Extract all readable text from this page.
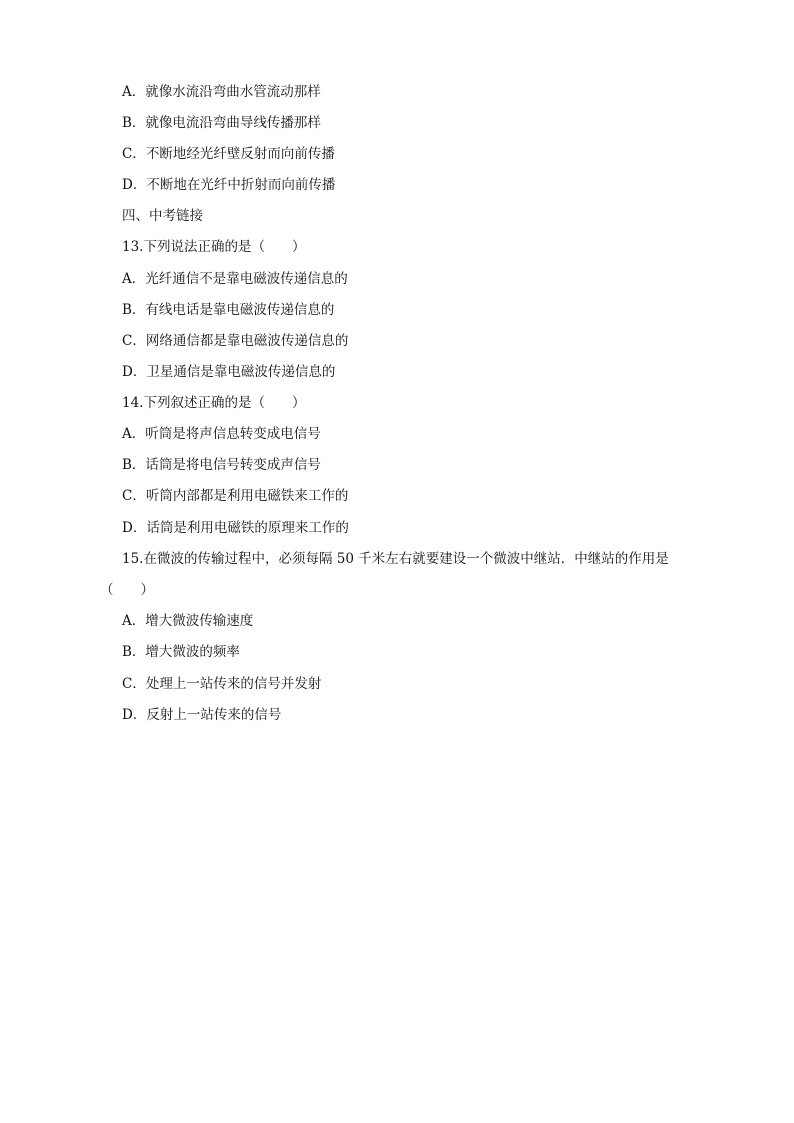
A．就像水流沿弯曲水管流动那样
B．就像电流沿弯曲导线传播那样
C．不断地经光纤壁反射而向前传播
D．不断地在光纤中折射而向前传播
四、中考链接
13.下列说法正确的是（　　）
A．光纤通信不是靠电磁波传递信息的
B．有线电话是靠电磁波传递信息的
C．网络通信都是靠电磁波传递信息的
D．卫星通信是靠电磁波传递信息的
14.下列叙述正确的是（　　）
A．听筒是将声信息转变成电信号
B．话筒是将电信号转变成声信号
C．听筒内部都是利用电磁铁来工作的
D．话筒是利用电磁铁的原理来工作的
15.在微波的传输过程中，必须每隔 50 千米左右就要建设一个微波中继站．中继站的作用是
（　　）
A．增大微波传输速度
B．增大微波的频率
C．处理上一站传来的信号并发射
D．反射上一站传来的信号
